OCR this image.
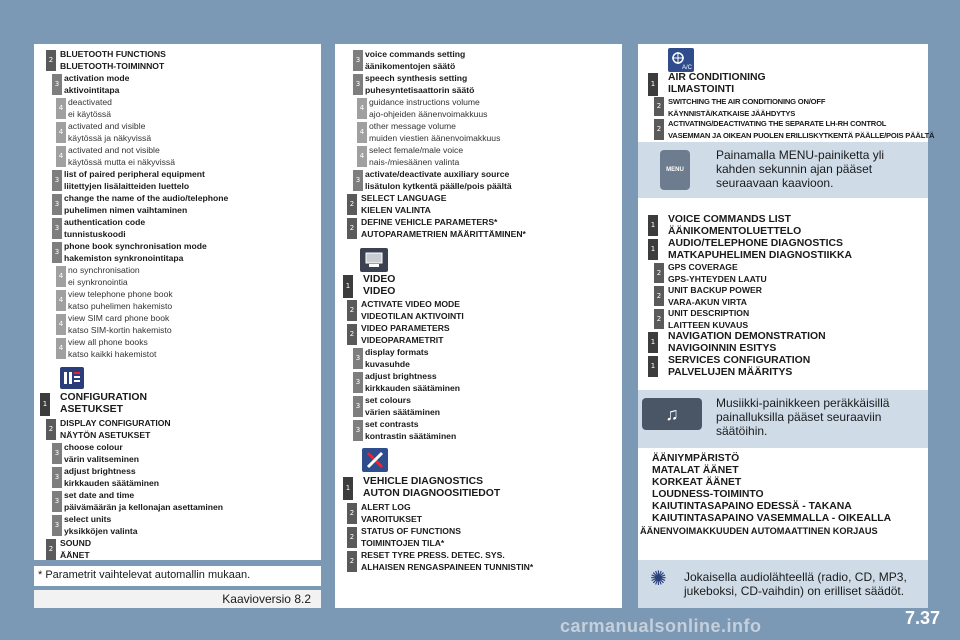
2
BLUETOOTH FUNCTIONS
BLUETOOTH-TOIMINNOT
3
activation mode
aktivointitapa
4
deactivated
ei käytössä
4
activated and visible
käytössä ja näkyvissä
4
activated and not visible
käytössä mutta ei näkyvissä
3
list of paired peripheral equipment
liitettyjen lisälaitteiden luettelo
3
change the name of the audio/telephone
puhelimen nimen vaihtaminen
3
authentication code
tunnistuskoodi
3
phone book synchronisation mode
hakemiston synkronointitapa
4
no synchronisation
ei synkronointia
4
view telephone phone book
katso puhelimen hakemisto
4
view SIM card phone book
katso SIM-kortin hakemisto
4
view all phone books
katso kaikki hakemistot
1
CONFIGURATION
ASETUKSET
2
DISPLAY CONFIGURATION
NÄYTÖN ASETUKSET
3
choose colour
värin valitseminen
3
adjust brightness
kirkkauden säätäminen
3
set date and time
päivämäärän ja kellonajan asettaminen
3
select units
yksikköjen valinta
2
SOUND
ÄÄNET
3
voice commands setting
äänikomentojen säätö
3
speech synthesis setting
puhesyntetisaattorin säätö
4
guidance instructions volume
ajo-ohjeiden äänenvoimakkuus
4
other message volume
muiden viestien äänenvoimakkuus
4
select female/male voice
nais-/miesäänen valinta
3
activate/deactivate auxiliary source
lisätulon kytkentä päälle/pois päältä
2
SELECT LANGUAGE
KIELEN VALINTA
2
DEFINE VEHICLE PARAMETERS*
AUTOPARAMETRIEN MÄÄRITTÄMINEN*
1
VIDEO
VIDEO
2
ACTIVATE VIDEO MODE
VIDEOTILAN AKTIVOINTI
2
VIDEO PARAMETERS
VIDEOPARAMETRIT
3
display formats
kuvasuhde
3
adjust brightness
kirkkauden säätäminen
3
set colours
värien säätäminen
3
set contrasts
kontrastin säätäminen
1
VEHICLE DIAGNOSTICS
AUTON DIAGNOOSITIEDOT
2
ALERT LOG
VAROITUKSET
2
STATUS OF FUNCTIONS
TOIMINTOJEN TILA*
2
RESET TYRE PRESS. DETEC. SYS.
ALHAISEN RENGASPAINEEN TUNNISTIN*
A/C
1
AIR CONDITIONING
ILMASTOINTI
2 SWITCHING THE AIR CONDITIONING ON/OFF
KÄYNNISTÄ/KATKAISE JÄÄHDYTYS
2
ACTIVATING/DEACTIVATING THE SEPARATE LH-RH CONTROL
VASEMMAN JA OIKEAN PUOLEN ERILLISKYTKENTÄ PÄÄLLE/POIS PÄÄLTÄ
MENU
Painamalla MENU-painiketta yli kahden sekunnin ajan pääset seuraavaan kaavioon.
1 VOICE COMMANDS LIST
ÄÄNIKOMENTOLUETTELO
1 AUDIO/TELEPHONE DIAGNOSTICS
MATKAPUHELIMEN DIAGNOSTIIKKA
2
GPS COVERAGE
GPS-YHTEYDEN LAATU
2
UNIT BACKUP POWER
VARA-AKUN VIRTA
2
UNIT DESCRIPTION
LAITTEEN KUVAUS
1 NAVIGATION DEMONSTRATION
NAVIGOINNIN ESITYS
1 SERVICES CONFIGURATION
PALVELUJEN MÄÄRITYS
♫
Musiikki-painikkeen peräkkäisillä painalluksilla pääset seuraaviin säätöihin.
ÄÄNIYMPÄRISTÖ
MATALAT ÄÄNET
KORKEAT ÄÄNET
LOUDNESS-TOIMINTO
KAIUTINTASAPAINO EDESSÄ - TAKANA
KAIUTINTASAPAINO VASEMMALLA - OIKEALLA
ÄÄNENVOIMAKKUUDEN AUTOMAATTINEN KORJAUS
✺	Jokaisella audiolähteellä (radio, CD, MP3, jukeboksi, CD-vaihdin) on erilliset säädöt.
* Parametrit vaihtelevat automallin mukaan.
Kaavioversio 8.2
7.37
carmanualsonline.info
